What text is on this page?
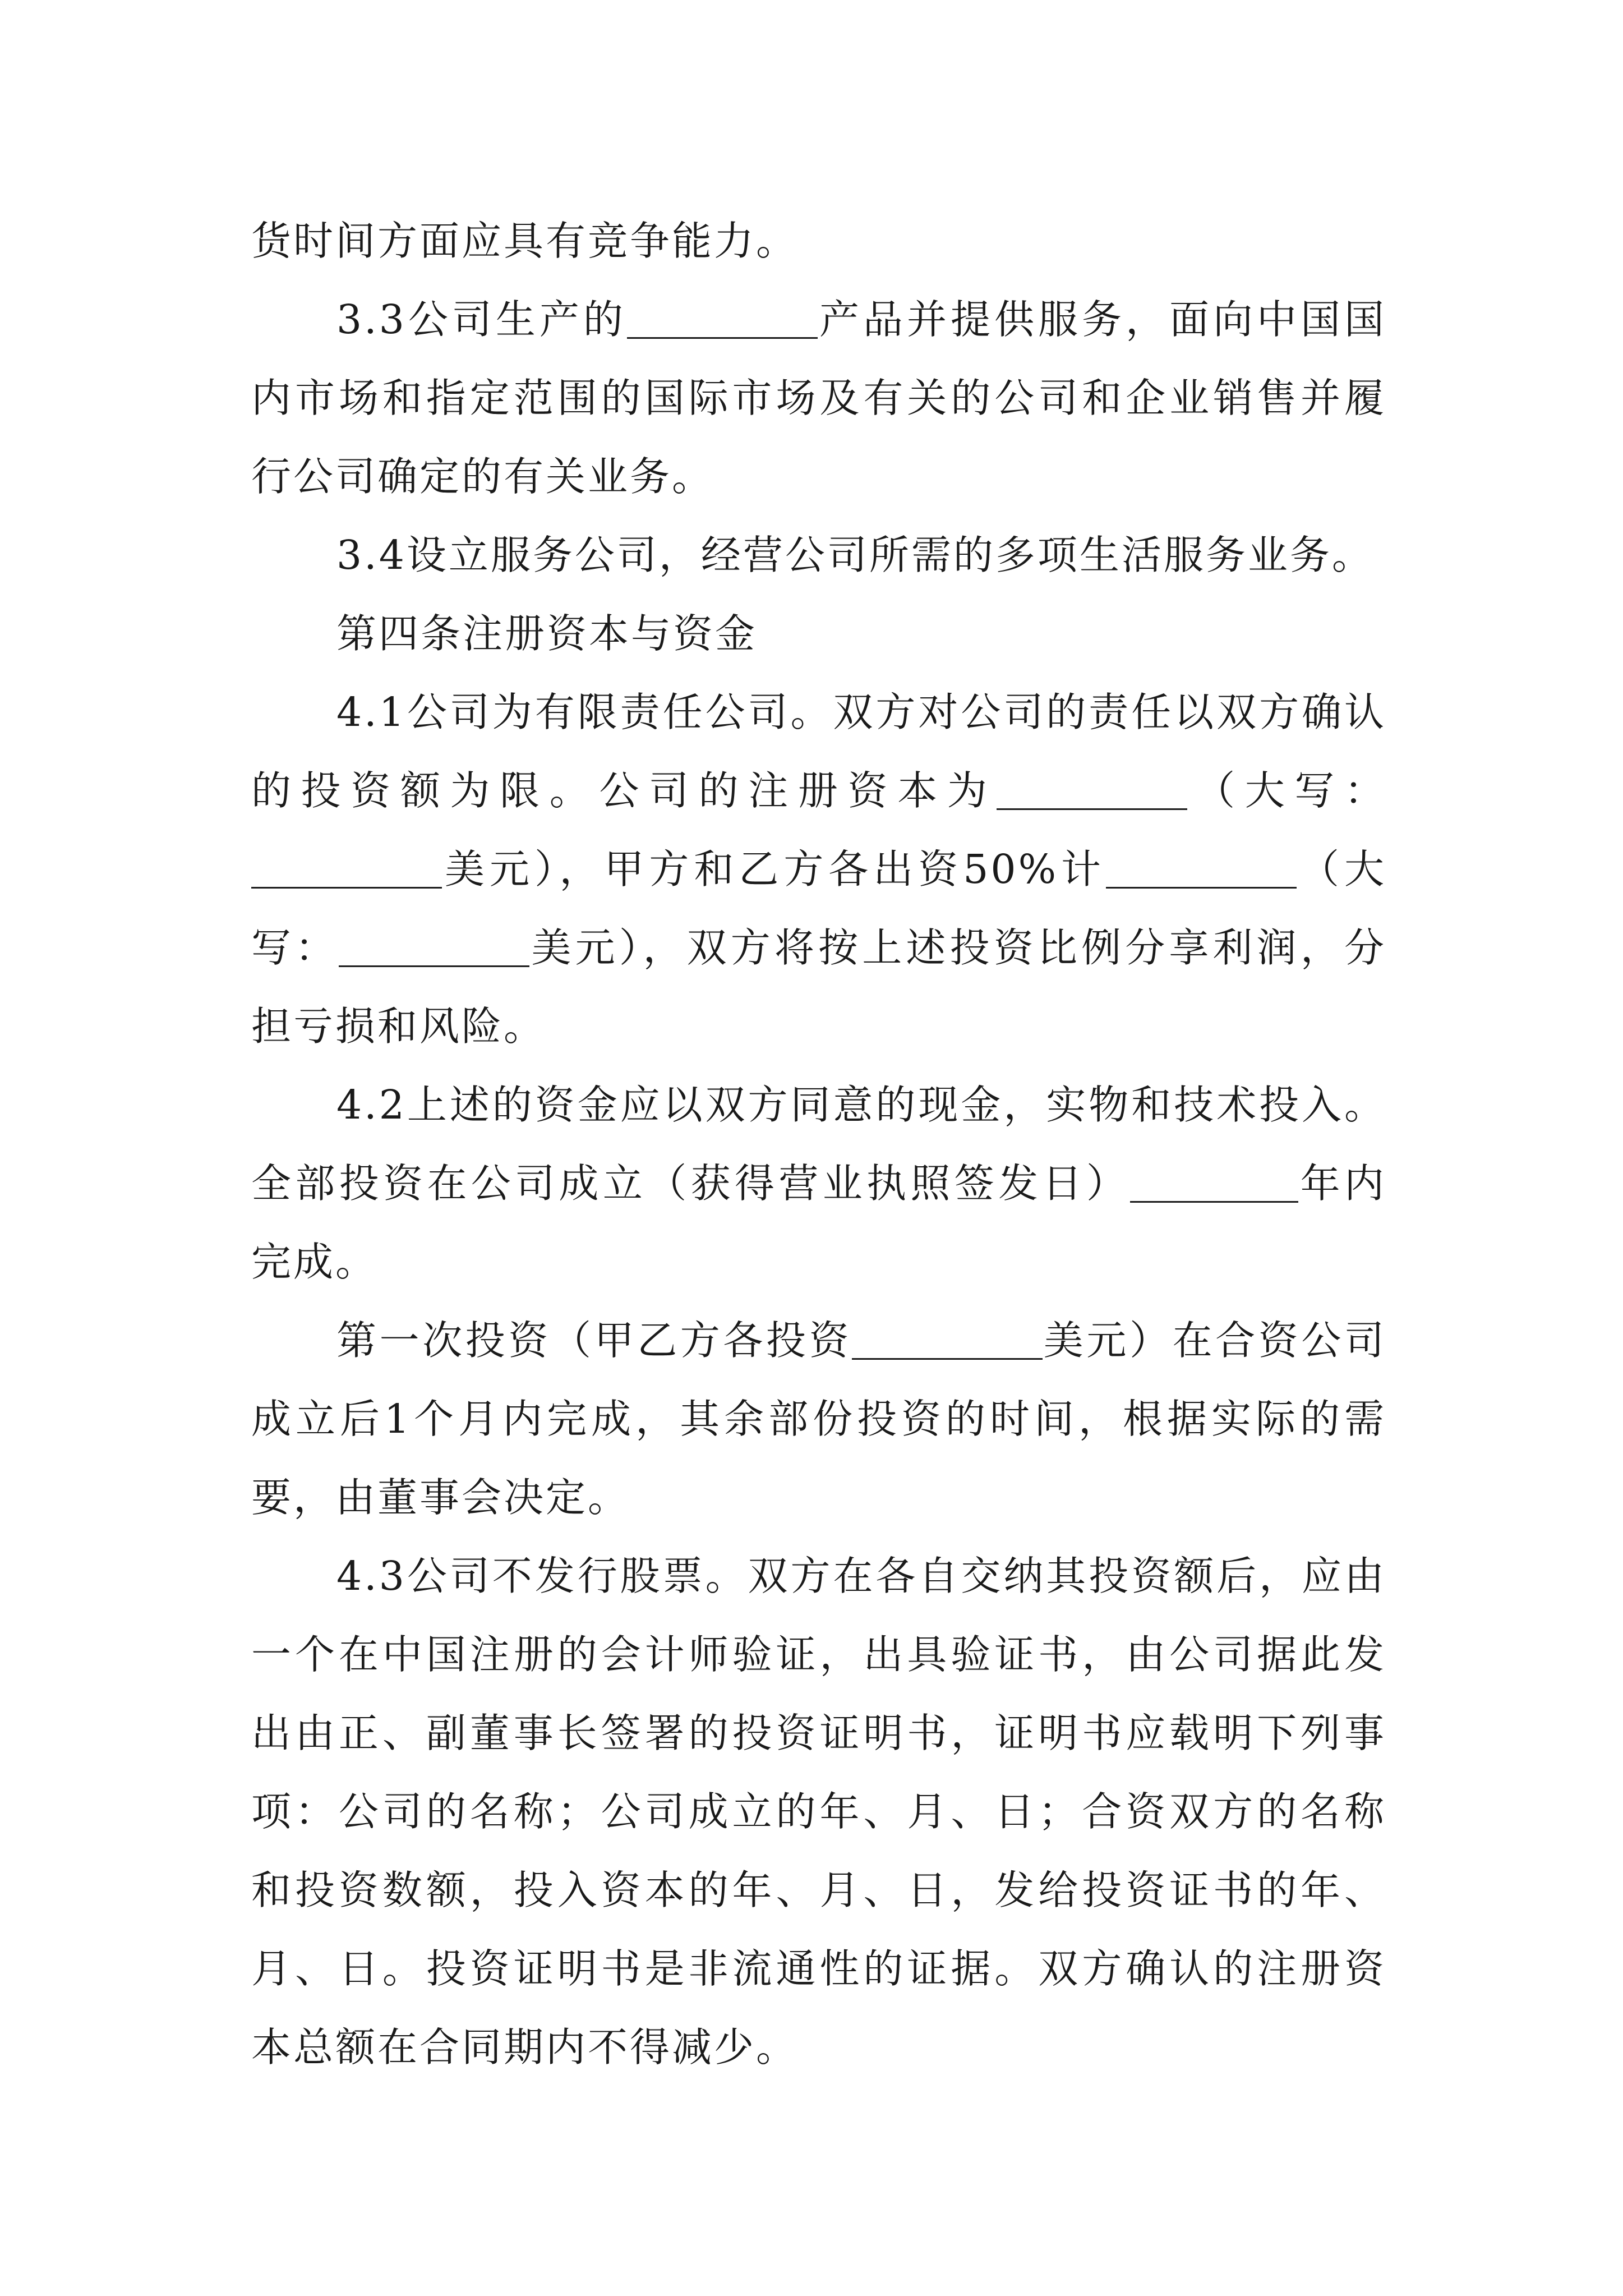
货时间方面应具有竞争能力。

3.3公司生产的	产品并提供服务，面向中国国内市场和指定范围的国际市场及有关的公司和企业销售并履行公司确定的有关业务。

3.4设立服务公司，经营公司所需的多项生活服务业务。

第四条注册资本与资金

4.1公司为有限责任公司。双方对公司的责任以双方确认的投资额为限。公司的注册资本为	（大写：美元），甲方和乙方各出资50%计	（大写：	美元），双方将按上述投资比例分享利润，分担亏损和风险。

4.2上述的资金应以双方同意的现金，实物和技术投入。全部投资在公司成立（获得营业执照签发日）	年内完成。

第一次投资（甲乙方各投资	美元）在合资公司成立后1个月内完成，其余部份投资的时间，根据实际的需要，由董事会决定。

4.3公司不发行股票。双方在各自交纳其投资额后，应由一个在中国注册的会计师验证，出具验证书，由公司据此发出由正、副董事长签署的投资证明书，证明书应载明下列事项：公司的名称；公司成立的年、月、日；合资双方的名称和投资数额，投入资本的年、月、日，发给投资证书的年、月、日。投资证明书是非流通性的证据。双方确认的注册资本总额在合同期内不得减少。
